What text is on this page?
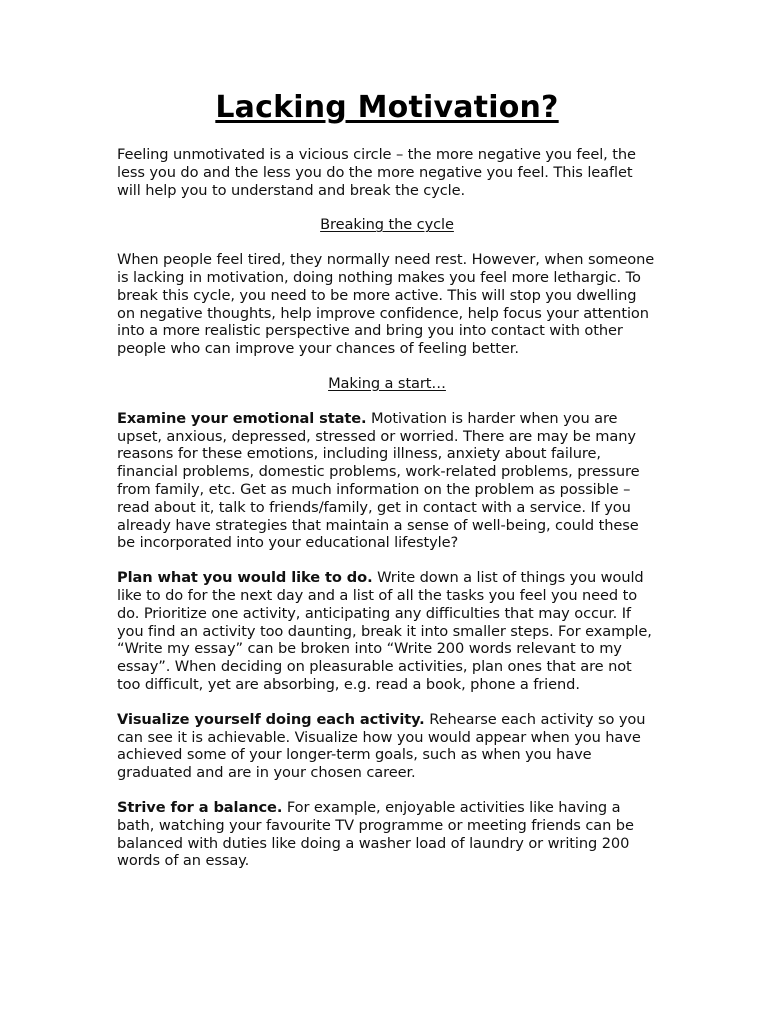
Lacking Motivation?

Feeling unmotivated is a vicious circle – the more negative you feel, the less you do and the less you do the more negative you feel. This leaflet will help you to understand and break the cycle.

Breaking the cycle

When people feel tired, they normally need rest. However, when someone is lacking in motivation, doing nothing makes you feel more lethargic. To break this cycle, you need to be more active. This will stop you dwelling on negative thoughts, help improve confidence, help focus your attention into a more realistic perspective and bring you into contact with other people who can improve your chances of feeling better.

Making a start…

Examine your emotional state. Motivation is harder when you are upset, anxious, depressed, stressed or worried. There are may be many reasons for these emotions, including illness, anxiety about failure, financial problems, domestic problems, work-related problems, pressure from family, etc. Get as much information on the problem as possible – read about it, talk to friends/family, get in contact with a service. If you already have strategies that maintain a sense of well-being, could these be incorporated into your educational lifestyle?

Plan what you would like to do. Write down a list of things you would like to do for the next day and a list of all the tasks you feel you need to do. Prioritize one activity, anticipating any difficulties that may occur. If you find an activity too daunting, break it into smaller steps. For example, “Write my essay” can be broken into “Write 200 words relevant to my essay”. When deciding on pleasurable activities, plan ones that are not too difficult, yet are absorbing, e.g. read a book, phone a friend.

Visualize yourself doing each activity. Rehearse each activity so you can see it is achievable. Visualize how you would appear when you have achieved some of your longer-term goals, such as when you have graduated and are in your chosen career.

Strive for a balance. For example, enjoyable activities like having a bath, watching your favourite TV programme or meeting friends can be balanced with duties like doing a washer load of laundry or writing 200 words of an essay.
